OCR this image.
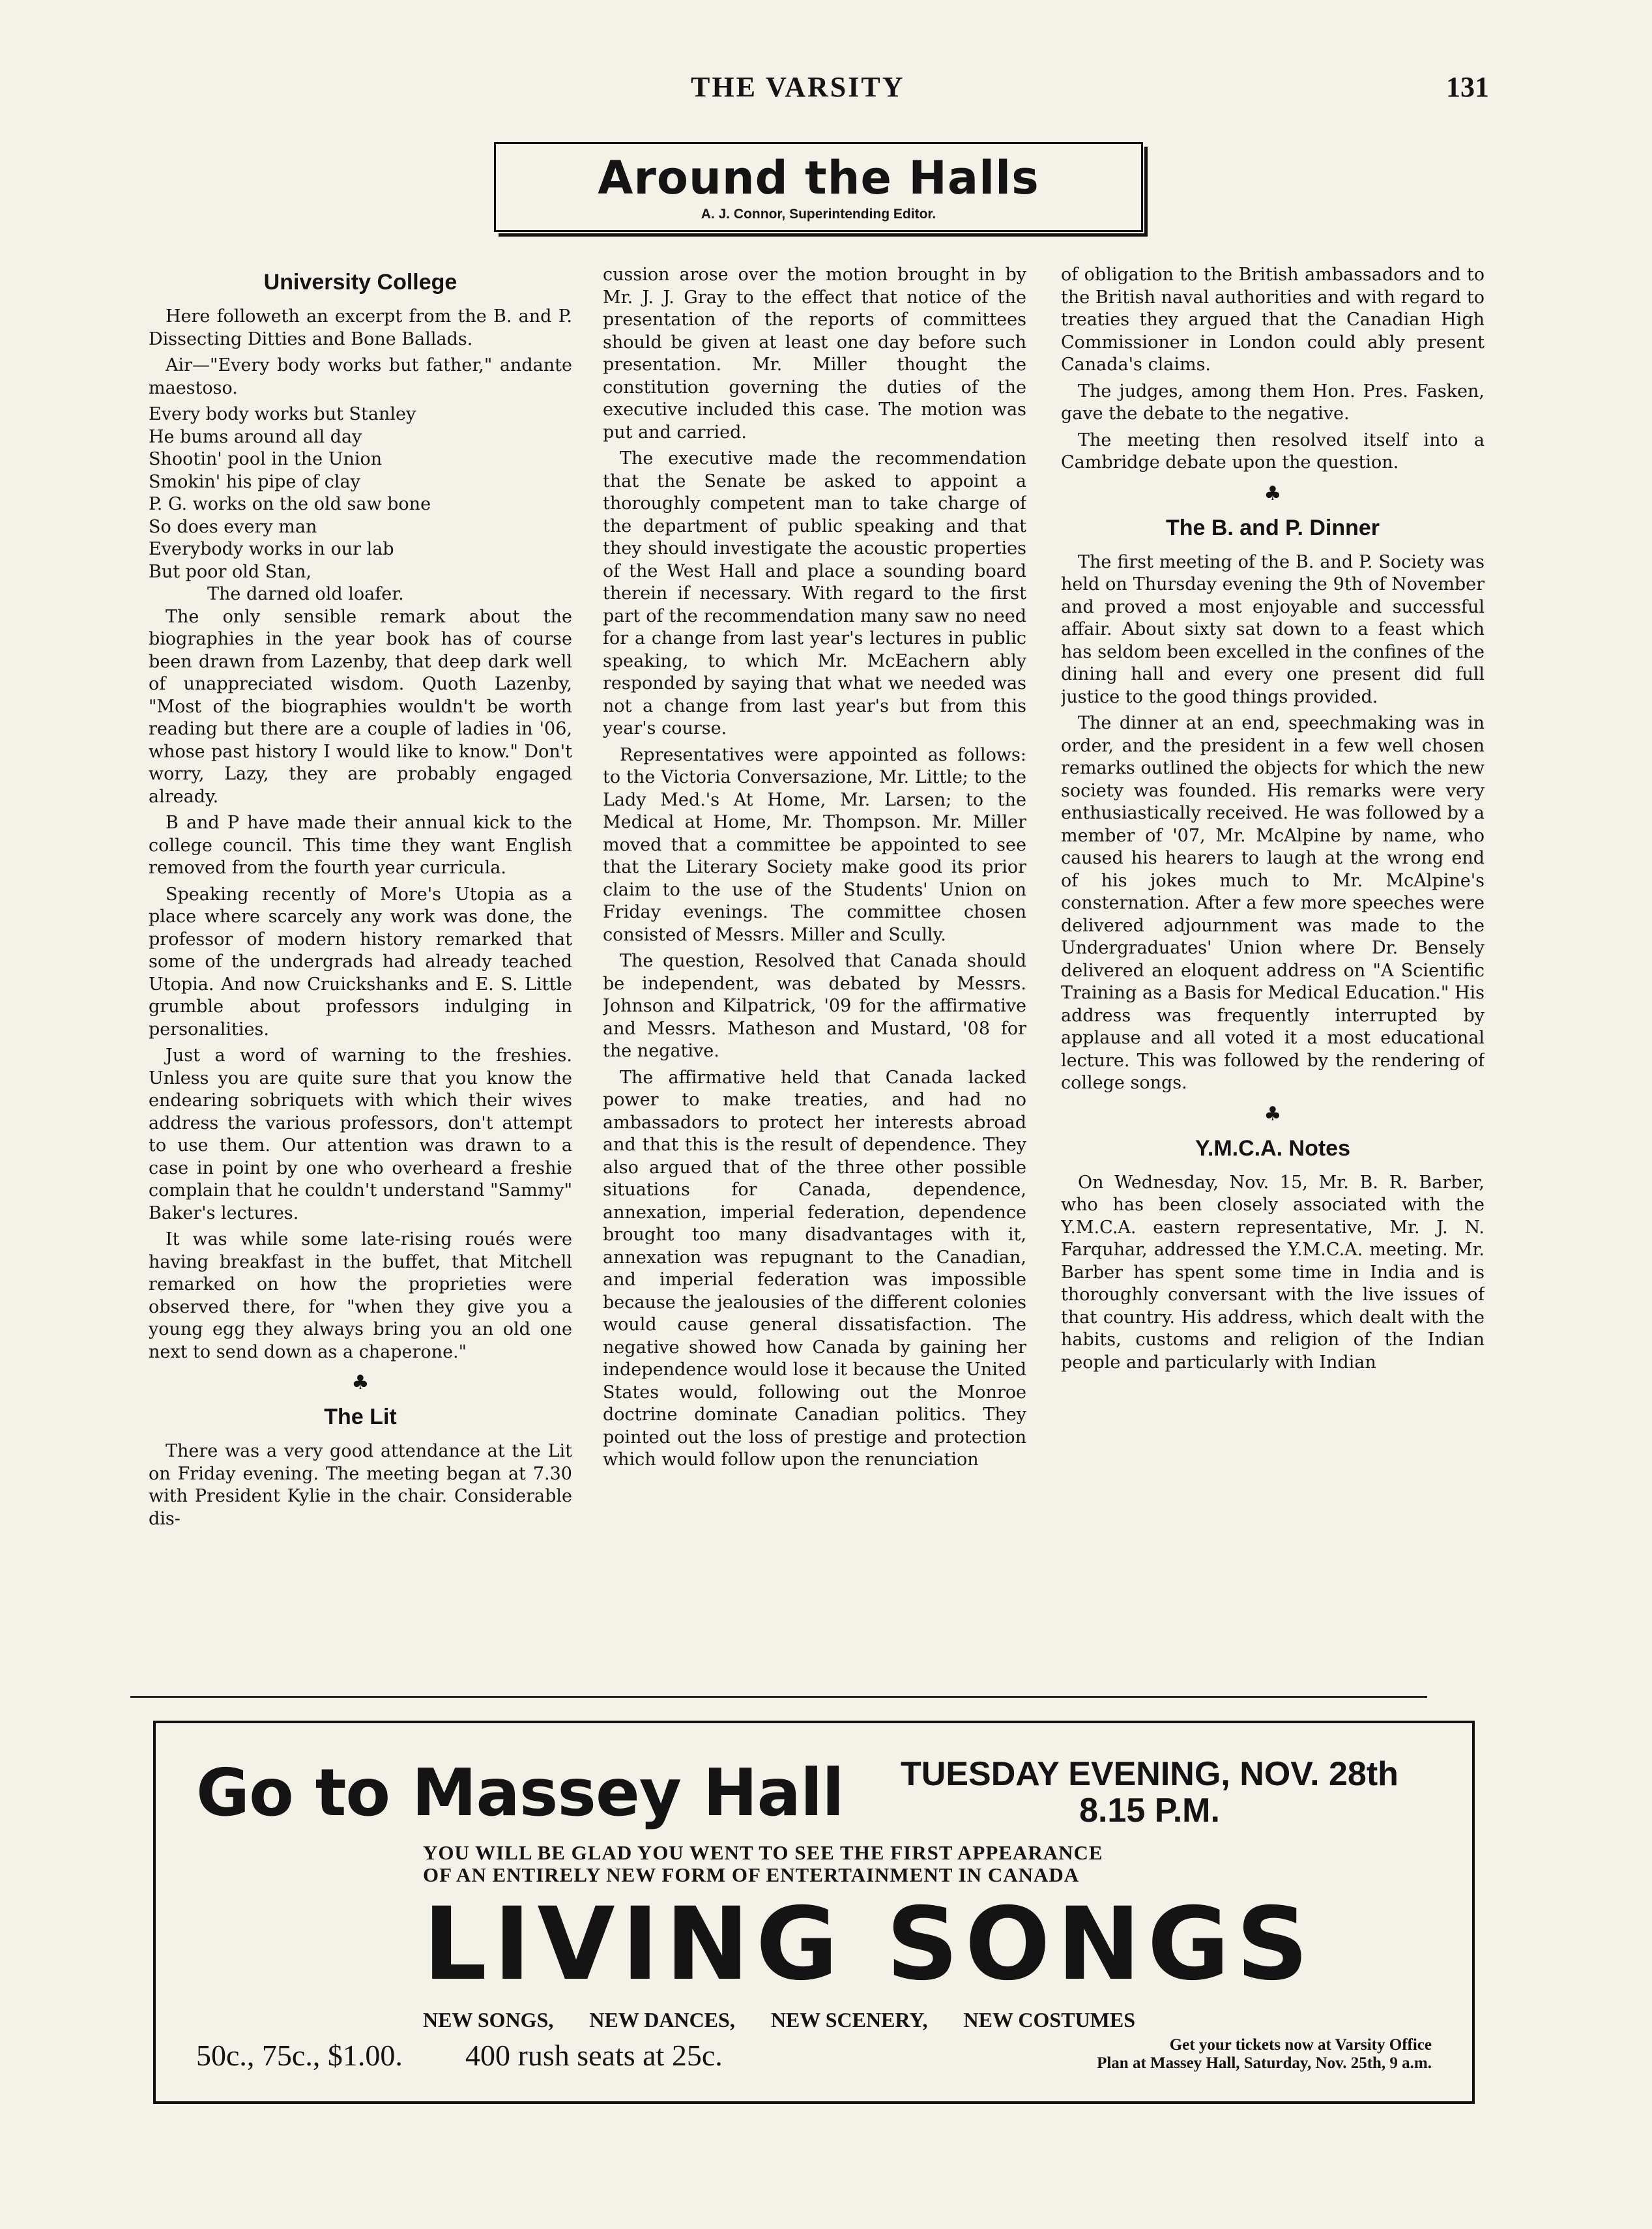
THE VARSITY	131
Around the Halls
A. J. Connor, Superintending Editor.
University College

Here followeth an excerpt from the B. and P. Dissecting Ditties and Bone Ballads.

Air—"Every body works but father," andante maestoso.

Every body works but Stanley
He bums around all day
Shootin' pool in the Union
Smokin' his pipe of clay
P. G. works on the old saw bone
So does every man
Everybody works in our lab
But poor old Stan,
The darned old loafer.

The only sensible remark about the biographies in the year book has of course been drawn from Lazenby, that deep dark well of unappreciated wisdom. Quoth Lazenby, "Most of the biographies wouldn't be worth reading but there are a couple of ladies in '06, whose past history I would like to know." Don't worry, Lazy, they are probably engaged already.

B and P have made their annual kick to the college council. This time they want English removed from the fourth year curricula.

Speaking recently of More's Utopia as a place where scarcely any work was done, the professor of modern history remarked that some of the undergrads had already teached Utopia. And now Cruickshanks and E. S. Little grumble about professors indulging in personalities.

Just a word of warning to the freshies. Unless you are quite sure that you know the endearing sobriquets with which their wives address the various professors, don't attempt to use them. Our attention was drawn to a case in point by one who overheard a freshie complain that he couldn't understand "Sammy" Baker's lectures.

It was while some late-rising roués were having breakfast in the buffet, that Mitchell remarked on how the proprieties were observed there, for "when they give you a young egg they always bring you an old one next to send down as a chaperone."

♣
The Lit

There was a very good attendance at the Lit on Friday evening. The meeting began at 7.30 with President Kylie in the chair. Considerable dis-

cussion arose over the motion brought in by Mr. J. J. Gray to the effect that notice of the presentation of the reports of committees should be given at least one day before such presentation. Mr. Miller thought the constitution governing the duties of the executive included this case. The motion was put and carried.

The executive made the recommendation that the Senate be asked to appoint a thoroughly competent man to take charge of the department of public speaking and that they should investigate the acoustic properties of the West Hall and place a sounding board therein if necessary. With regard to the first part of the recommendation many saw no need for a change from last year's lectures in public speaking, to which Mr. McEachern ably responded by saying that what we needed was not a change from last year's but from this year's course.

Representatives were appointed as follows: to the Victoria Conversazione, Mr. Little; to the Lady Med.'s At Home, Mr. Larsen; to the Medical at Home, Mr. Thompson. Mr. Miller moved that a committee be appointed to see that the Literary Society make good its prior claim to the use of the Students' Union on Friday evenings. The committee chosen consisted of Messrs. Miller and Scully.

The question, Resolved that Canada should be independent, was debated by Messrs. Johnson and Kilpatrick, '09 for the affirmative and Messrs. Matheson and Mustard, '08 for the negative.

The affirmative held that Canada lacked power to make treaties, and had no ambassadors to protect her interests abroad and that this is the result of dependence. They also argued that of the three other possible situations for Canada, dependence, annexation, imperial federation, dependence brought too many disadvantages with it, annexation was repugnant to the Canadian, and imperial federation was impossible because the jealousies of the different colonies would cause general dissatisfaction. The negative showed how Canada by gaining her independence would lose it because the United States would, following out the Monroe doctrine dominate Canadian politics. They pointed out the loss of prestige and protection which would follow upon the renunciation

of obligation to the British ambassadors and to the British naval authorities and with regard to treaties they argued that the Canadian High Commissioner in London could ably present Canada's claims.

The judges, among them Hon. Pres. Fasken, gave the debate to the negative.

The meeting then resolved itself into a Cambridge debate upon the question.

♣
The B. and P. Dinner

The first meeting of the B. and P. Society was held on Thursday evening the 9th of November and proved a most enjoyable and successful affair. About sixty sat down to a feast which has seldom been excelled in the confines of the dining hall and every one present did full justice to the good things provided.

The dinner at an end, speechmaking was in order, and the president in a few well chosen remarks outlined the objects for which the new society was founded. His remarks were very enthusiastically received. He was followed by a member of '07, Mr. McAlpine by name, who caused his hearers to laugh at the wrong end of his jokes much to Mr. McAlpine's consternation. After a few more speeches were delivered adjournment was made to the Undergraduates' Union where Dr. Bensely delivered an eloquent address on "A Scientific Training as a Basis for Medical Education." His address was frequently interrupted by applause and all voted it a most educational lecture. This was followed by the rendering of college songs.

♣
Y.M.C.A. Notes

On Wednesday, Nov. 15, Mr. B. R. Barber, who has been closely associated with the Y.M.C.A. eastern representative, Mr. J. N. Farquhar, addressed the Y.M.C.A. meeting. Mr. Barber has spent some time in India and is thoroughly conversant with the live issues of that country. His address, which dealt with the habits, customs and religion of the Indian people and particularly with Indian

Go to Massey Hall	TUESDAY EVENING, NOV. 28th
8.15 P.M.
YOU WILL BE GLAD YOU WENT TO SEE THE FIRST APPEARANCE
OF AN ENTIRELY NEW FORM OF ENTERTAINMENT IN CANADA
LIVING SONGS
NEW SONGS, NEW DANCES, NEW SCENERY, NEW COSTUMES
50c., 75c., $1.00. 400 rush seats at 25c.	Get your tickets now at Varsity Office
Plan at Massey Hall, Saturday, Nov. 25th, 9 a.m.
